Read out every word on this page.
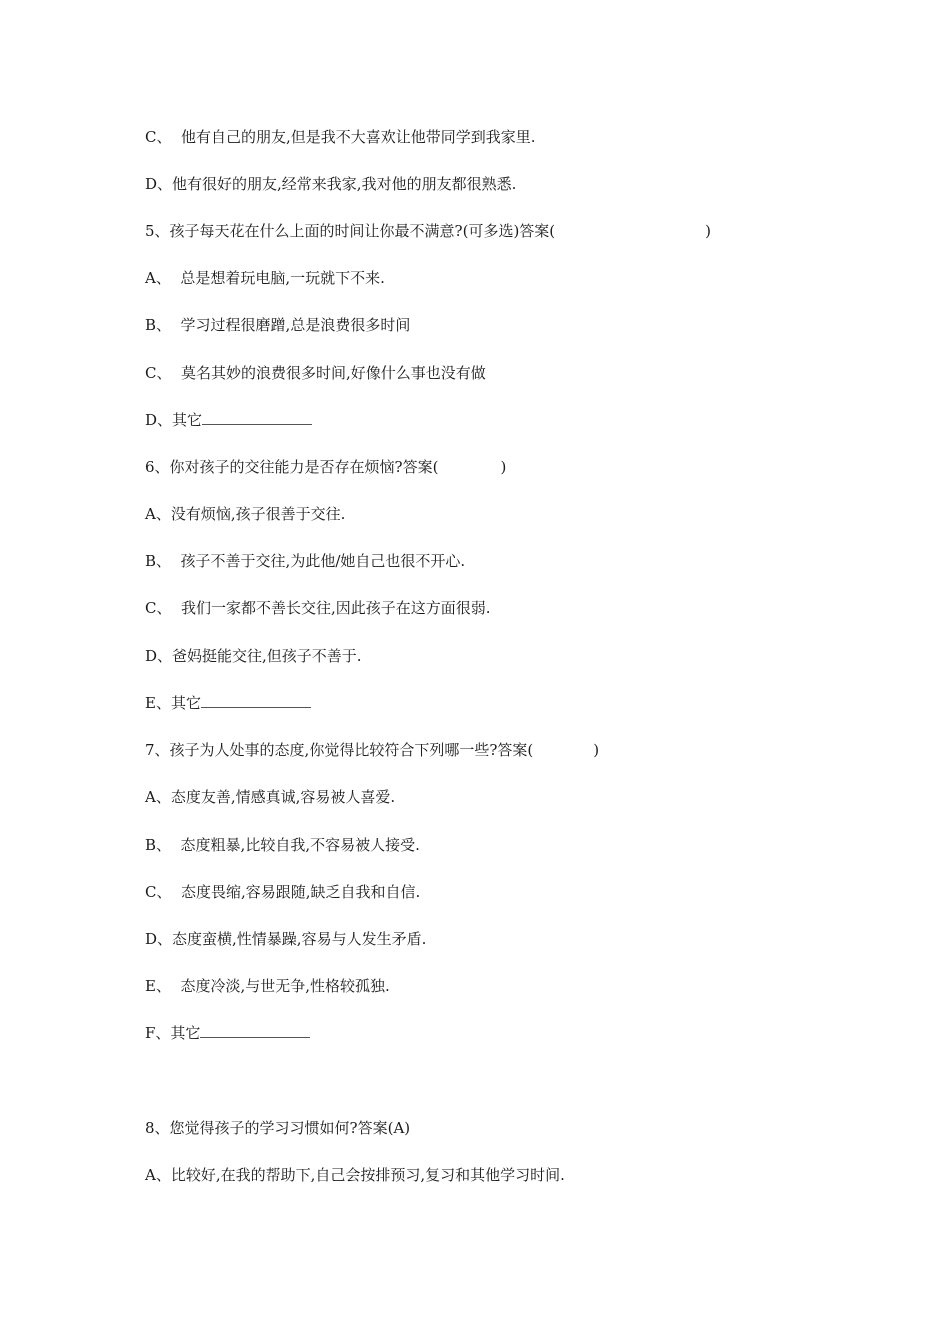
C、  他有自己的朋友,但是我不大喜欢让他带同学到我家里.
D、他有很好的朋友,经常来我家,我对他的朋友都很熟悉.
5、孩子每天花在什么上面的时间让你最不满意?(可多选)答案(	)
A、  总是想着玩电脑,一玩就下不来.
B、  学习过程很磨蹭,总是浪费很多时间
C、  莫名其妙的浪费很多时间,好像什么事也没有做
D、其它
6、你对孩子的交往能力是否存在烦恼?答案(	)
A、没有烦恼,孩子很善于交往.
B、  孩子不善于交往,为此他/她自己也很不开心.
C、  我们一家都不善长交往,因此孩子在这方面很弱.
D、爸妈挺能交往,但孩子不善于.
E、其它
7、孩子为人处事的态度,你觉得比较符合下列哪一些?答案(	)
A、态度友善,情感真诚,容易被人喜爱.
B、  态度粗暴,比较自我,不容易被人接受.
C、  态度畏缩,容易跟随,缺乏自我和自信.
D、态度蛮横,性情暴躁,容易与人发生矛盾.
E、  态度冷淡,与世无争,性格较孤独.
F、其它
8、您觉得孩子的学习习惯如何?答案(A)
A、比较好,在我的帮助下,自己会按排预习,复习和其他学习时间.
